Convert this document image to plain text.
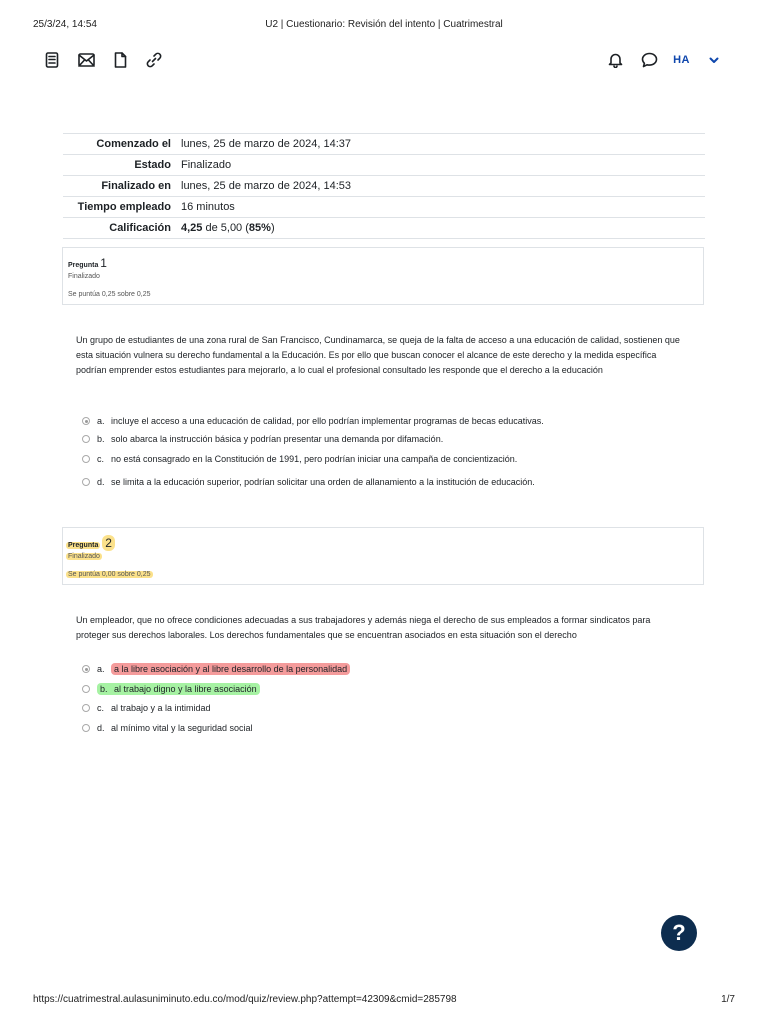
25/3/24, 14:54	U2 | Cuestionario: Revisión del intento | Cuatrimestral
HA
Comenzado el	lunes, 25 de marzo de 2024, 14:37
Estado	Finalizado
Finalizado en	lunes, 25 de marzo de 2024, 14:53
Tiempo empleado	16 minutos
Calificación	4,25 de 5,00 (85%)
Pregunta 1
Finalizado
Se puntúa 0,25 sobre 0,25
Un grupo de estudiantes de una zona rural de San Francisco, Cundinamarca, se queja de la falta de acceso a una educación de calidad, sostienen que esta situación vulnera su derecho fundamental a la Educación. Es por ello que buscan conocer el alcance de este derecho y la medida específica podrían emprender estos estudiantes para mejorarlo, a lo cual el profesional consultado les responde que el derecho a la educación
a. incluye el acceso a una educación de calidad, por ello podrían implementar programas de becas educativas.
b. solo abarca la instrucción básica y podrían presentar una demanda por difamación.
c. no está consagrado en la Constitución de 1991, pero podrían iniciar una campaña de concientización.
d. se limita a la educación superior, podrían solicitar una orden de allanamiento a la institución de educación.
Pregunta 2
Finalizado
Se puntúa 0,00 sobre 0,25
Un empleador, que no ofrece condiciones adecuadas a sus trabajadores y además niega el derecho de sus empleados a formar sindicatos para proteger sus derechos laborales. Los derechos fundamentales que se encuentran asociados en esta situación son el derecho
a.	a la libre asociación y al libre desarrollo de la personalidad
b. al trabajo digno y la libre asociación
c. al trabajo y a la intimidad
d. al mínimo vital y la seguridad social
?
https://cuatrimestral.aulasuniminuto.edu.co/mod/quiz/review.php?attempt=42309&cmid=285798	1/7
